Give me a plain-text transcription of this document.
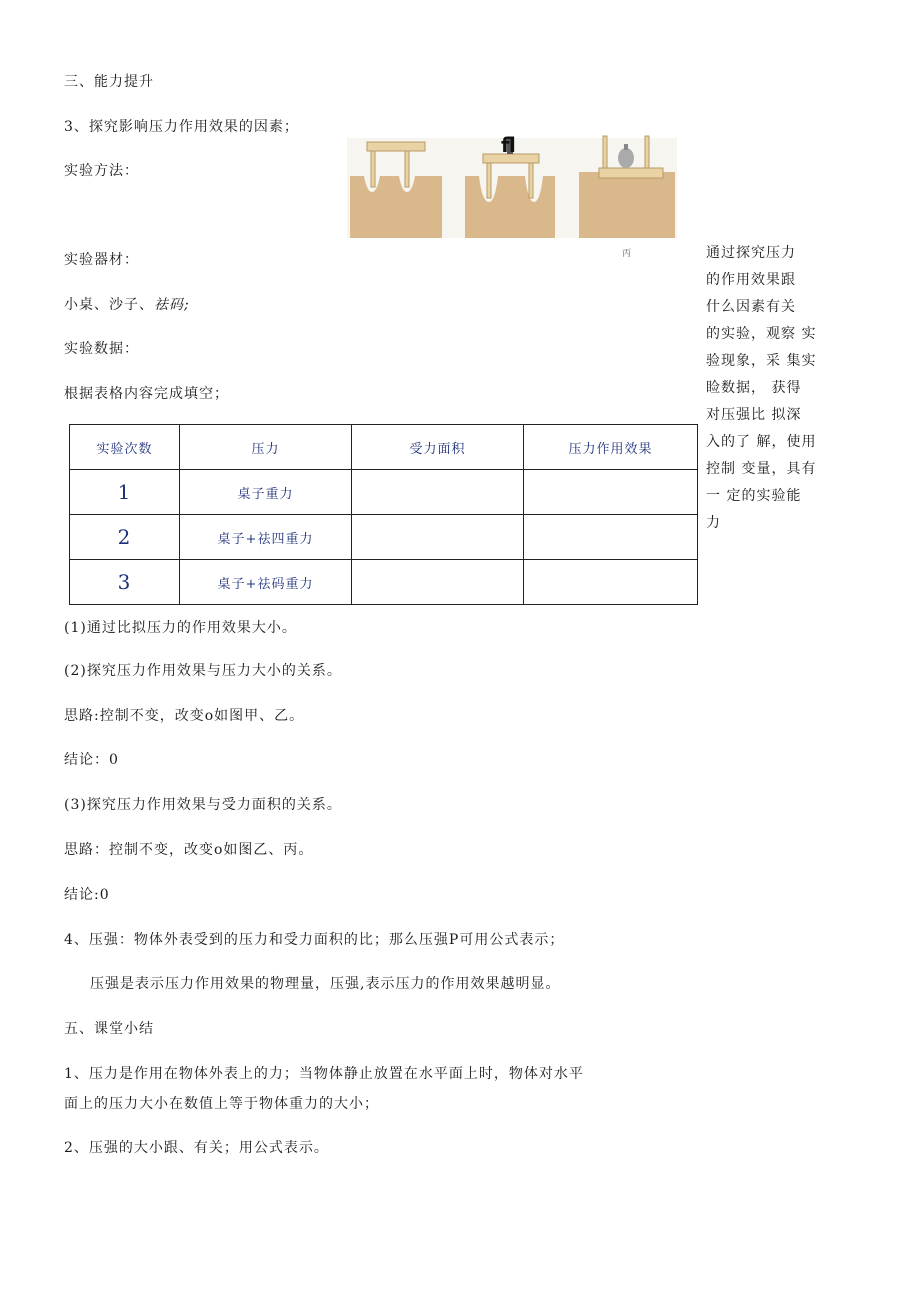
三、能力提升
3、探究影响压力作用效果的因素；
实验方法：
fl
丙	通过探究压力
的作用效果跟
什么因素有关
的实验，观察 实
验现象，采 集实
睑数据， 获得
对压强比 拟深
入的了 解，使用
控制 变量，具有
一 定的实验能
力
实验器材：
小桌、沙子、祛码;
实验数据：
根据表格内容完成填空；
实验次数	压力	受力面积	压力作用效果
1	桌子重力		
2	桌子+祛四重力		
3	桌子+祛码重力		
(1)通过比拟压力的作用效果大小。
(2)探究压力作用效果与压力大小的关系。
思路:控制不变，改变o如图甲、乙。
结论：0
(3)探究压力作用效果与受力面积的关系。
思路：控制不变，改变o如图乙、丙。
结论:0
4、压强：物体外表受到的压力和受力面积的比；那么压强P可用公式表示；
压强是表示压力作用效果的物理量，压强,表示压力的作用效果越明显。
五、课堂小结
1、压力是作用在物体外表上的力；当物体静止放置在水平面上时，物体对水平
面上的压力大小在数值上等于物体重力的大小；
2、压强的大小跟、有关；用公式表示。
